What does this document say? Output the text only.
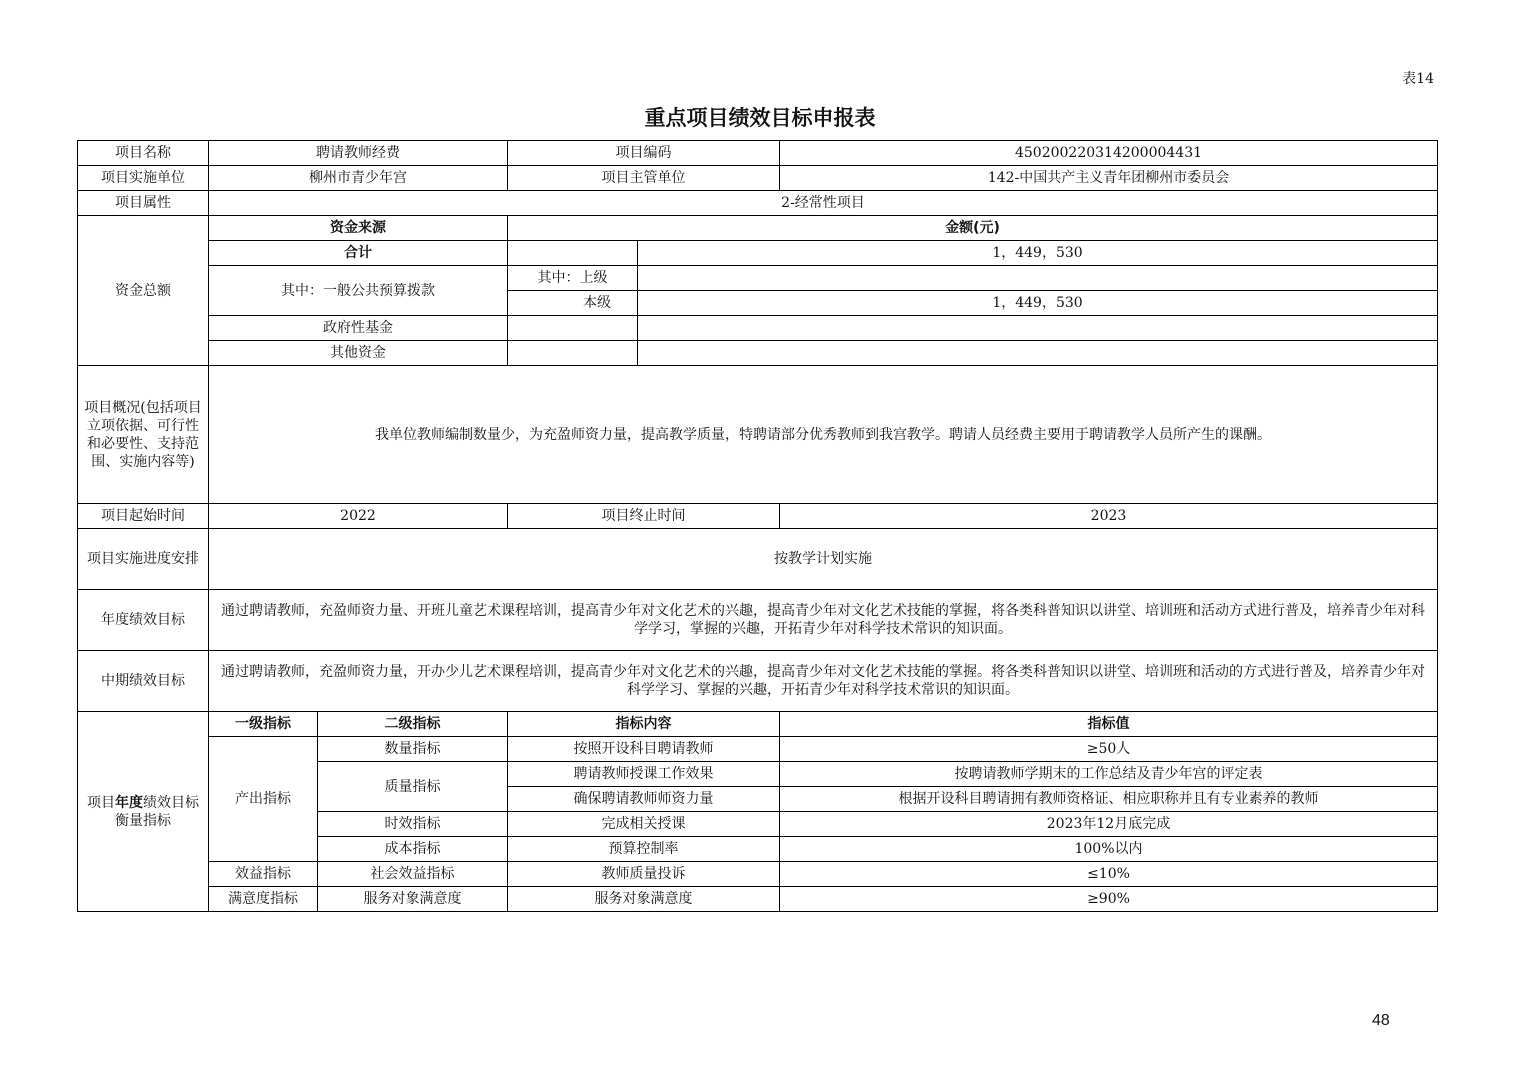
表14
重点项目绩效目标申报表
项目名称	聘请教师经费		项目编码		450200220314200004431
项目实施单位	柳州市青少年宫		项目主管单位		142-中国共产主义青年团柳州市委员会
项目属性	2-经常性项目				
资金总额	资金来源		金额(元)		
	合计			1，449，530	
	其中：一般公共预算拨款		其中：上级		
			本级	1，449，530	
	政府性基金				
	其他资金				
项目概况(包括项目立项依据、可行性和必要性、支持范围、实施内容等)	我单位教师编制数量少，为充盈师资力量，提高教学质量，特聘请部分优秀教师到我宫教学。聘请人员经费主要用于聘请教学人员所产生的课酬。				
项目起始时间	2022		项目终止时间		2023
项目实施进度安排	按教学计划实施				
年度绩效目标	通过聘请教师，充盈师资力量、开班儿童艺术课程培训，提高青少年对文化艺术的兴趣，提高青少年对文化艺术技能的掌握，将各类科普知识以讲堂、培训班和活动方式进行普及，培养青少年对科学学习，掌握的兴趣，开拓青少年对科学技术常识的知识面。				
中期绩效目标	通过聘请教师，充盈师资力量，开办少儿艺术课程培训，提高青少年对文化艺术的兴趣，提高青少年对文化艺术技能的掌握。将各类科普知识以讲堂、培训班和活动的方式进行普及，培养青少年对科学学习、掌握的兴趣，开拓青少年对科学技术常识的知识面。				
项目年度绩效目标衡量指标	一级指标	二级指标	指标内容		指标值
	产出指标	数量指标	按照开设科目聘请教师		≥50人
		质量指标	聘请教师授课工作效果		按聘请教师学期末的工作总结及青少年宫的评定表
			确保聘请教师师资力量		根据开设科目聘请拥有教师资格证、相应职称并且有专业素养的教师
		时效指标	完成相关授课		2023年12月底完成
		成本指标	预算控制率		100%以内
	效益指标	社会效益指标	教师质量投诉		≤10%
	满意度指标	服务对象满意度	服务对象满意度		≥90%
48
